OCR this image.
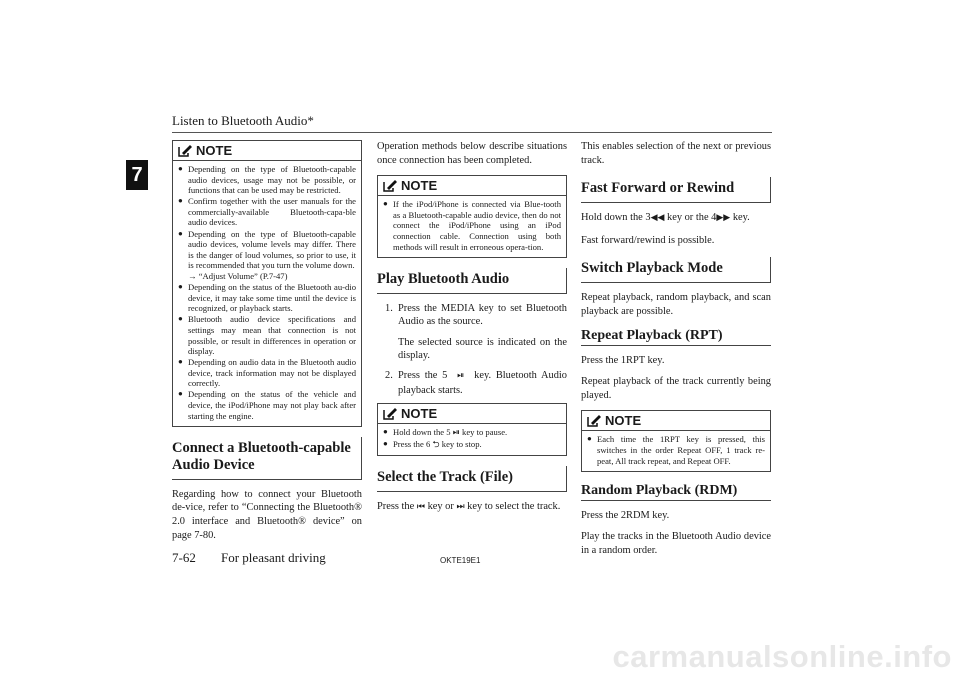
Listen to Bluetooth Audio*
7
NOTE
● Depending on the type of Bluetooth-capable audio devices, usage may not be possible, or functions that can be used may be restricted.
● Confirm together with the user manuals for the commercially-available Bluetooth-capa-ble audio devices.
● Depending on the type of Bluetooth-capable audio devices, volume levels may differ. There is the danger of loud volumes, so prior to use, it is recommended that you turn the volume down.
→ “Adjust Volume” (P.7-47)
● Depending on the status of the Bluetooth au-dio device, it may take some time until the device is recognized, or playback starts.
● Bluetooth audio device specifications and settings may mean that connection is not possible, or result in differences in operation or display.
● Depending on audio data in the Bluetooth audio device, track information may not be displayed correctly.
● Depending on the status of the vehicle and device, the iPod/iPhone may not play back after starting the engine.
Connect a Bluetooth-capable Audio Device

Regarding how to connect your Bluetooth de-vice, refer to “Connecting the Bluetooth® 2.0 interface and Bluetooth® device” on page 7-80.

Operation methods below describe situations once connection has been completed.

NOTE
● If the iPod/iPhone is connected via Blue-tooth as a Bluetooth-capable audio device, then do not connect the iPod/iPhone using an iPod connection cable. Connection using both methods will result in erroneous opera-tion.
Play Bluetooth Audio
1. Press the MEDIA key to set Bluetooth Audio as the source.
The selected source is indicated on the display.
2. Press the 5  ⏯  key. Bluetooth Audio playback starts.
NOTE
● Hold down the 5 ⏯ key to pause.
● Press the 6 ⮌ key to stop.
Select the Track (File)

Press the ⏮ key or ⏭ key to select the track.

This enables selection of the next or previous track.

Fast Forward or Rewind

Hold down the 3◀◀ key or the 4▶▶ key.

Fast forward/rewind is possible.

Switch Playback Mode

Repeat playback, random playback, and scan playback are possible.

Repeat Playback (RPT)

Press the 1RPT key.

Repeat playback of the track currently being played.

NOTE
● Each time the 1RPT key is pressed, this switches in the order Repeat OFF, 1 track re-peat, All track repeat, and Repeat OFF.
Random Playback (RDM)

Press the 2RDM key.

Play the tracks in the Bluetooth Audio device in a random order.

7-62 For pleasant driving	OKTE19E1
carmanualsonline.info
